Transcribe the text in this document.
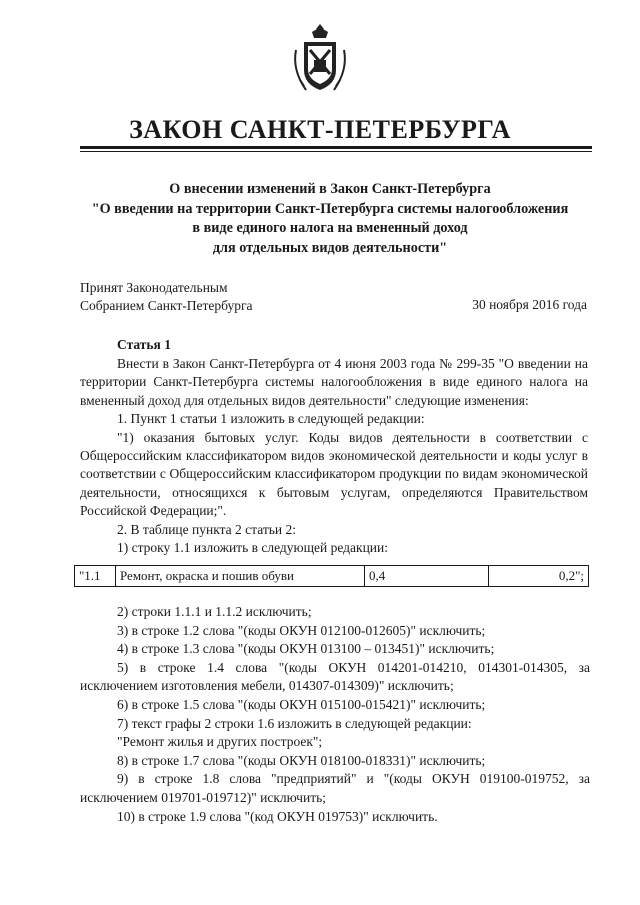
ЗАКОН САНКТ-ПЕТЕРБУРГА
О внесении изменений в Закон Санкт-Петербурга
"О введении на территории Санкт-Петербурга системы налогообложения
в виде единого налога на вмененный доход
для отдельных видов деятельности"
Принят Законодательным
Собранием Санкт-Петербурга	30 ноября 2016 года
Статья 1

Внести в Закон Санкт-Петербурга от 4 июня 2003 года № 299-35 "О введении на территории Санкт-Петербурга системы налогообложения в виде единого налога на вмененный доход для отдельных видов деятельности" следующие изменения:

1. Пункт 1 статьи 1 изложить в следующей редакции:

"1) оказания бытовых услуг. Коды видов деятельности в соответствии с Общероссийским классификатором видов экономической деятельности и коды услуг в соответствии с Общероссийским классификатором продукции по видам экономической деятельности, относящихся к бытовым услугам, определяются Правительством Российской Федерации;".

2. В таблице пункта 2 статьи 2:

1) строку 1.1 изложить в следующей редакции:

"1.1	Ремонт, окраска и пошив обуви	0,4	0,2";

2) строки 1.1.1 и 1.1.2 исключить;

3) в строке 1.2 слова "(коды ОКУН 012100-012605)" исключить;

4) в строке 1.3 слова "(коды ОКУН 013100 – 013451)" исключить;

5) в строке 1.4 слова "(коды ОКУН 014201-014210, 014301-014305, за исключением изготовления мебели, 014307-014309)" исключить;

6) в строке 1.5 слова "(коды ОКУН 015100-015421)" исключить;

7) текст графы 2 строки 1.6 изложить в следующей редакции:

"Ремонт жилья и других построек";

8) в строке 1.7 слова "(коды ОКУН 018100-018331)" исключить;

9) в строке 1.8 слова "предприятий" и "(коды ОКУН 019100-019752, за исключением 019701-019712)" исключить;

10) в строке 1.9 слова "(код ОКУН 019753)" исключить.
